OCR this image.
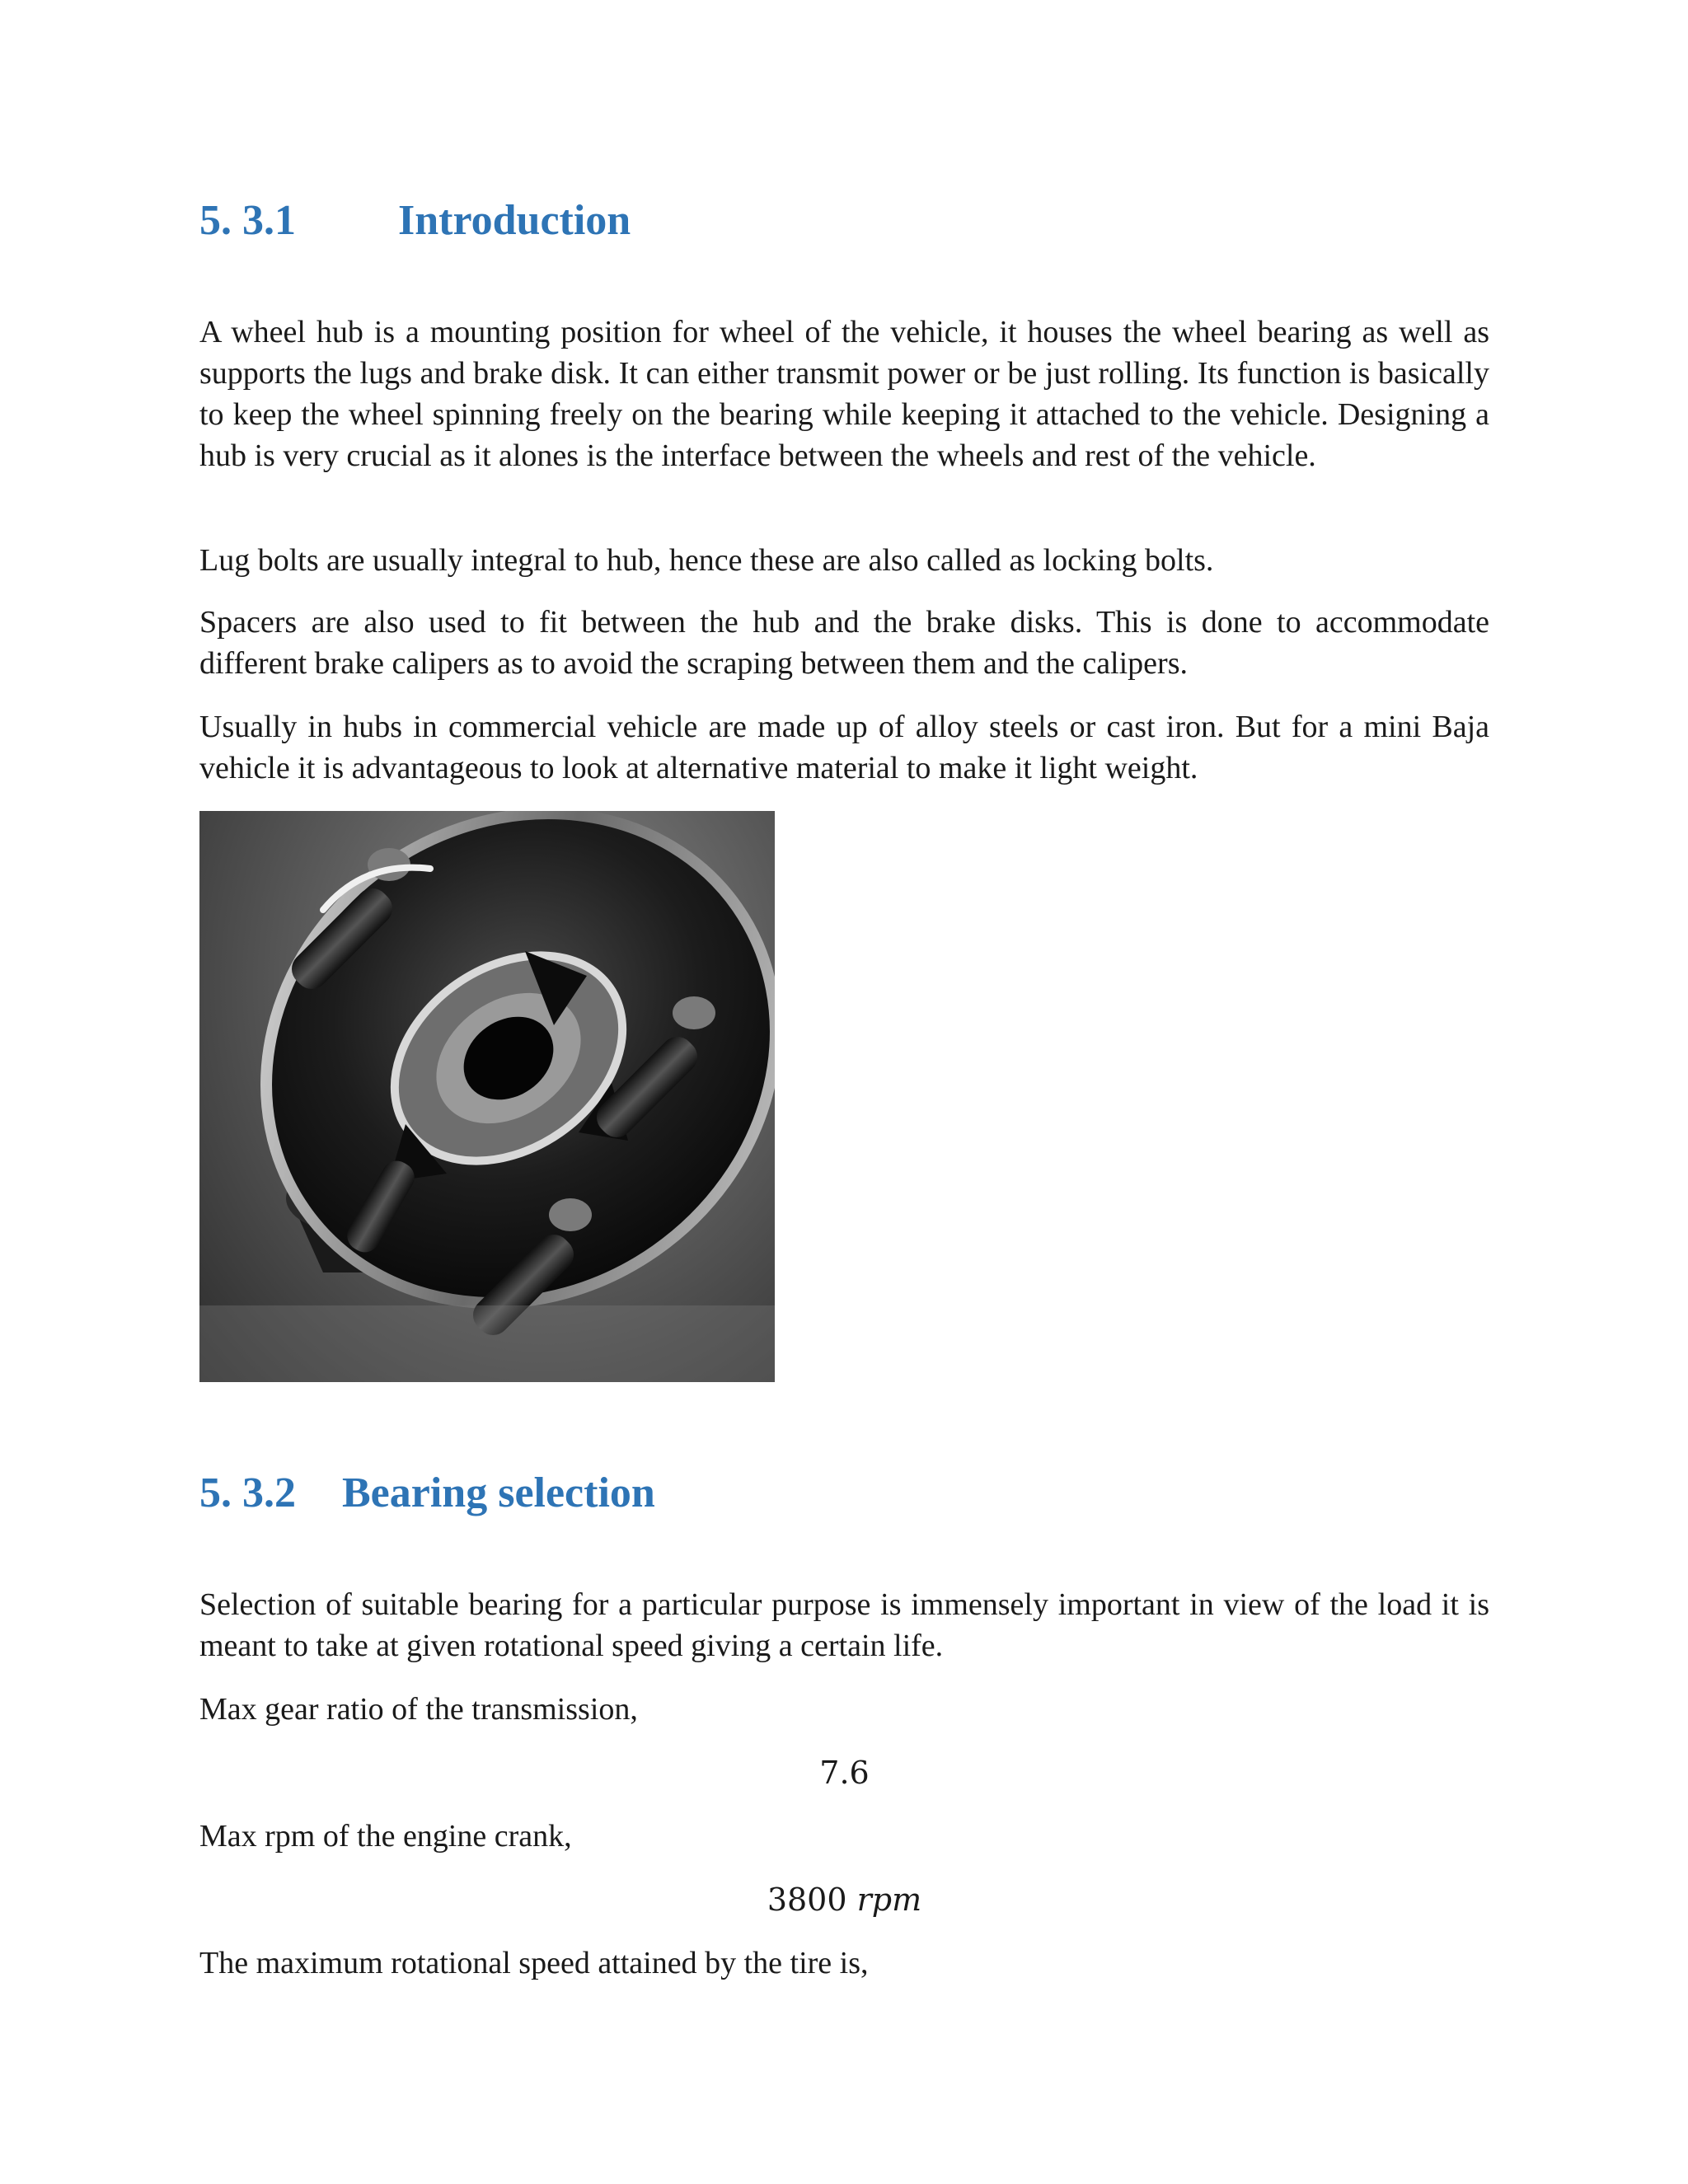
5. 3.1 Introduction

A wheel hub is a mounting position for wheel of the vehicle, it houses the wheel bearing as well as supports the lugs and brake disk. It can either transmit power or be just rolling. Its function is basically to keep the wheel spinning freely on the bearing while keeping it attached to the vehicle. Designing a hub is very crucial as it alones is the interface between the wheels and rest of the vehicle.

Lug bolts are usually integral to hub, hence these are also called as locking bolts.

Spacers are also used to fit between the hub and the brake disks. This is done to accommodate different brake calipers as to avoid the scraping between them and the calipers.

Usually in hubs in commercial vehicle are made up of alloy steels or cast iron. But for a mini Baja vehicle it is advantageous to look at alternative material to make it light weight.

5. 3.2 Bearing selection

Selection of suitable bearing for a particular purpose is immensely important in view of the load it is meant to take at given rotational speed giving a certain life.

Max gear ratio of the transmission,

7.6

Max rpm of the engine crank,

3800 rpm

The maximum rotational speed attained by the tire is,
